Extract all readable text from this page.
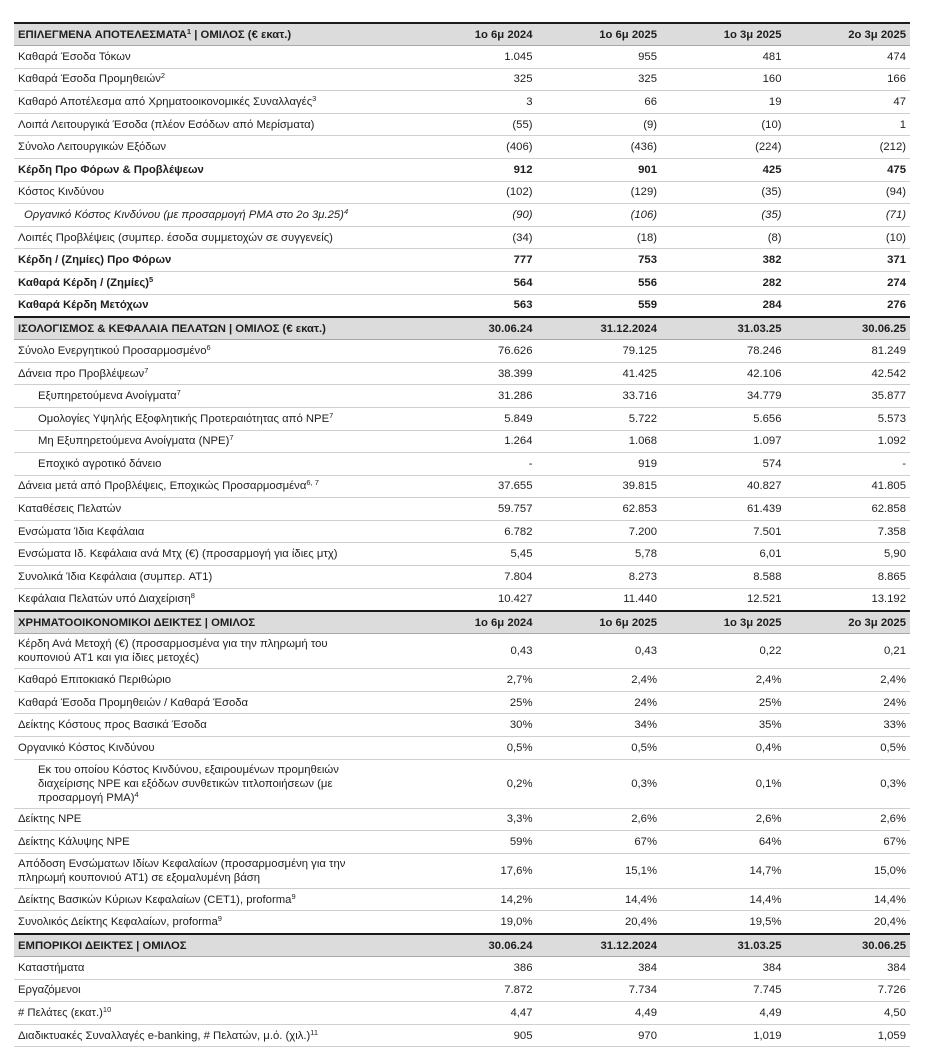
ΕΠΙΛΕΓΜΕΝΑ ΑΠΟΤΕΛΕΣΜΑΤΑ$^1$ | ΟΜΙΛΟΣ (€ εκατ.)	1ο 6μ 2024	1ο 6μ 2025	1ο 3μ 2025	2ο 3μ 2025
Καθαρά Έσοδα Τόκων	1.045	955	481	474
Καθαρά Έσοδα Προμηθειών$^2$	325	325	160	166
Καθαρό Αποτέλεσμα από Χρηματοοικονομικές Συναλλαγές$^3$	3	66	19	47
Λοιπά Λειτουργικά Έσοδα (πλέον Εσόδων από Μερίσματα)	(55)	(9)	(10)	1
Σύνολο Λειτουργικών Εξόδων	(406)	(436)	(224)	(212)
Κέρδη Προ Φόρων & Προβλέψεων	912	901	425	475
Κόστος Κινδύνου	(102)	(129)	(35)	(94)
Οργανικό Κόστος Κινδύνου (με προσαρμογή PMA στο 2ο 3μ.25)$^4$	(90)	(106)	(35)	(71)
Λοιπές Προβλέψεις (συμπερ. έσοδα συμμετοχών σε συγγενείς)	(34)	(18)	(8)	(10)
Κέρδη / (Ζημίες) Προ Φόρων	777	753	382	371
Καθαρά Κέρδη / $(Z\eta\mu ί\varepsilon\varsigma)^5$	564	556	282	274
Καθαρά Κέρδη Μετόχων	563	559	284	276
ΙΣΟΛΟΓΙΣΜΟΣ & ΚΕΦΑΛΑΙΑ ΠΕΛΑΤΩΝ | ΟΜΙΛΟΣ (€ εκατ.)	30.06.24	31.12.2024	31.03.25	30.06.25
Σύνολο Ενεργητικού Προσαρμοσμένο$^6$	76.626	79.125	78.246	81.249
Δάνεια προ Προβλέψεων$^7$	38.399	41.425	42.106	42.542
Εξυπηρετούμενα Ανοίγματα$^7$	31.286	33.716	34.779	35.877
Ομολογίες Υψηλής Εξοφλητικής Προτεραιότητας από NPE$^7$	5.849	5.722	5.656	5.573
Μη Εξυπηρετούμενα Ανοίγματα (NPE)$^7$	1.264	1.068	1.097	1.092
Εποχικό αγροτικό δάνειο	-	919	574	-
Δάνεια μετά από Προβλέψεις, Εποχικώς Προσαρμοσμένα$^{6, 7}$	37.655	39.815	40.827	41.805
Καταθέσεις Πελατών	59.757	62.853	61.439	62.858
Ενσώματα Ίδια Κεφάλαια	6.782	7.200	7.501	7.358
Ενσώματα Ιδ. Κεφάλαια ανά Μτχ (€) (προσαρμογή για ίδιες μτχ)	5,45	5,78	6,01	5,90
Συνολικά Ίδια Κεφάλαια (συμπερ. AT1)	7.804	8.273	8.588	8.865
Κεφάλαια Πελατών υπό Διαχείριση$^8$	10.427	11.440	12.521	13.192
ΧΡΗΜΑΤΟΟΙΚΟΝΟΜΙΚΟΙ ΔΕΙΚΤΕΣ | ΟΜΙΛΟΣ	1ο 6μ 2024	1ο 6μ 2025	1ο 3μ 2025	2ο 3μ 2025
Κέρδη Ανά Μετοχή (€) (προσαρμοσμένα για την πληρωμή του κουπονιού AT1 και για ίδιες μετοχές)	0,43	0,43	0,22	0,21
Καθαρό Επιτοκιακό Περιθώριο	2,7%	2,4%	2,4%	2,4%
Καθαρά Έσοδα Προμηθειών / Καθαρά Έσοδα	25%	24%	25%	24%
Δείκτης Κόστους προς Βασικά Έσοδα	30%	34%	35%	33%
Οργανικό Κόστος Κινδύνου	0,5%	0,5%	0,4%	0,5%
Εκ του οποίου Κόστος Κινδύνου, εξαιρουμένων προμηθειών διαχείρισης NPE και εξόδων συνθετικών τιτλοποιήσεων (με προσαρμογή PMA)$^4$	0,2%	0,3%	0,1%	0,3%
Δείκτης NPE	3,3%	2,6%	2,6%	2,6%
Δείκτης Κάλυψης NPE	59%	67%	64%	67%
Απόδοση Ενσώματων Ιδίων Κεφαλαίων (προσαρμοσμένη για την πληρωμή κουπονιού AT1) σε εξομαλυμένη βάση	17,6%	15,1%	14,7%	15,0%
Δείκτης Βασικών Κύριων Κεφαλαίων (CET1), proforma$^9$	14,2%	14,4%	14,4%	14,4%
Συνολικός Δείκτης Κεφαλαίων, proforma$^9$	19,0%	20,4%	19,5%	20,4%
ΕΜΠΟΡΙΚΟΙ ΔΕΙΚΤΕΣ | ΟΜΙΛΟΣ	30.06.24	31.12.2024	31.03.25	30.06.25
Καταστήματα	386	384	384	384
Εργαζόμενοι	7.872	7.734	7.745	7.726
# Πελάτες $(\varepsilon\kappa\alpha\tau.)^{10}$	4,47	4,49	4,49	4,50
Διαδικτυακές Συναλλαγές e-banking, # Πελατών, μ.ό. $(\chi\iota\lambda.)^{11}$	905	970	1,019	1,059
